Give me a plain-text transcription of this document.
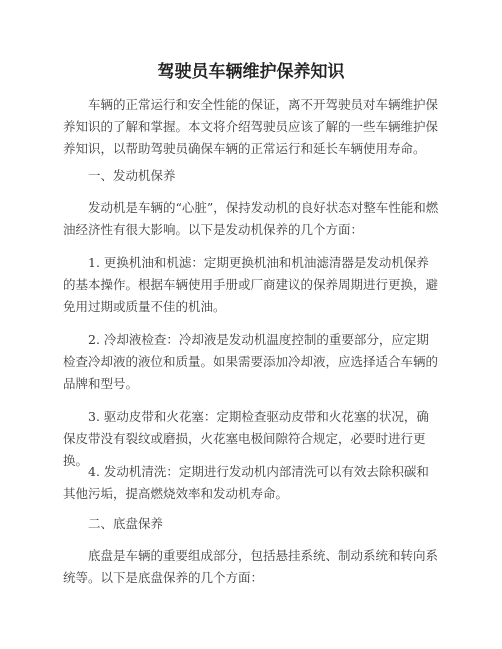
驾驶员车辆维护保养知识

车辆的正常运行和安全性能的保证，离不开驾驶员对车辆维护保养知识的了解和掌握。本文将介绍驾驶员应该了解的一些车辆维护保养知识，以帮助驾驶员确保车辆的正常运行和延长车辆使用寿命。

一、发动机保养

发动机是车辆的“心脏”，保持发动机的良好状态对整车性能和燃油经济性有很大影响。以下是发动机保养的几个方面：

1. 更换机油和机滤：定期更换机油和机油滤清器是发动机保养的基本操作。根据车辆使用手册或厂商建议的保养周期进行更换，避免用过期或质量不佳的机油。

2. 冷却液检查：冷却液是发动机温度控制的重要部分，应定期检查冷却液的液位和质量。如果需要添加冷却液，应选择适合车辆的品牌和型号。

3. 驱动皮带和火花塞：定期检查驱动皮带和火花塞的状况，确保皮带没有裂纹或磨损，火花塞电极间隙符合规定，必要时进行更换。

4. 发动机清洗：定期进行发动机内部清洗可以有效去除积碳和其他污垢，提高燃烧效率和发动机寿命。

二、底盘保养

底盘是车辆的重要组成部分，包括悬挂系统、制动系统和转向系统等。以下是底盘保养的几个方面：
